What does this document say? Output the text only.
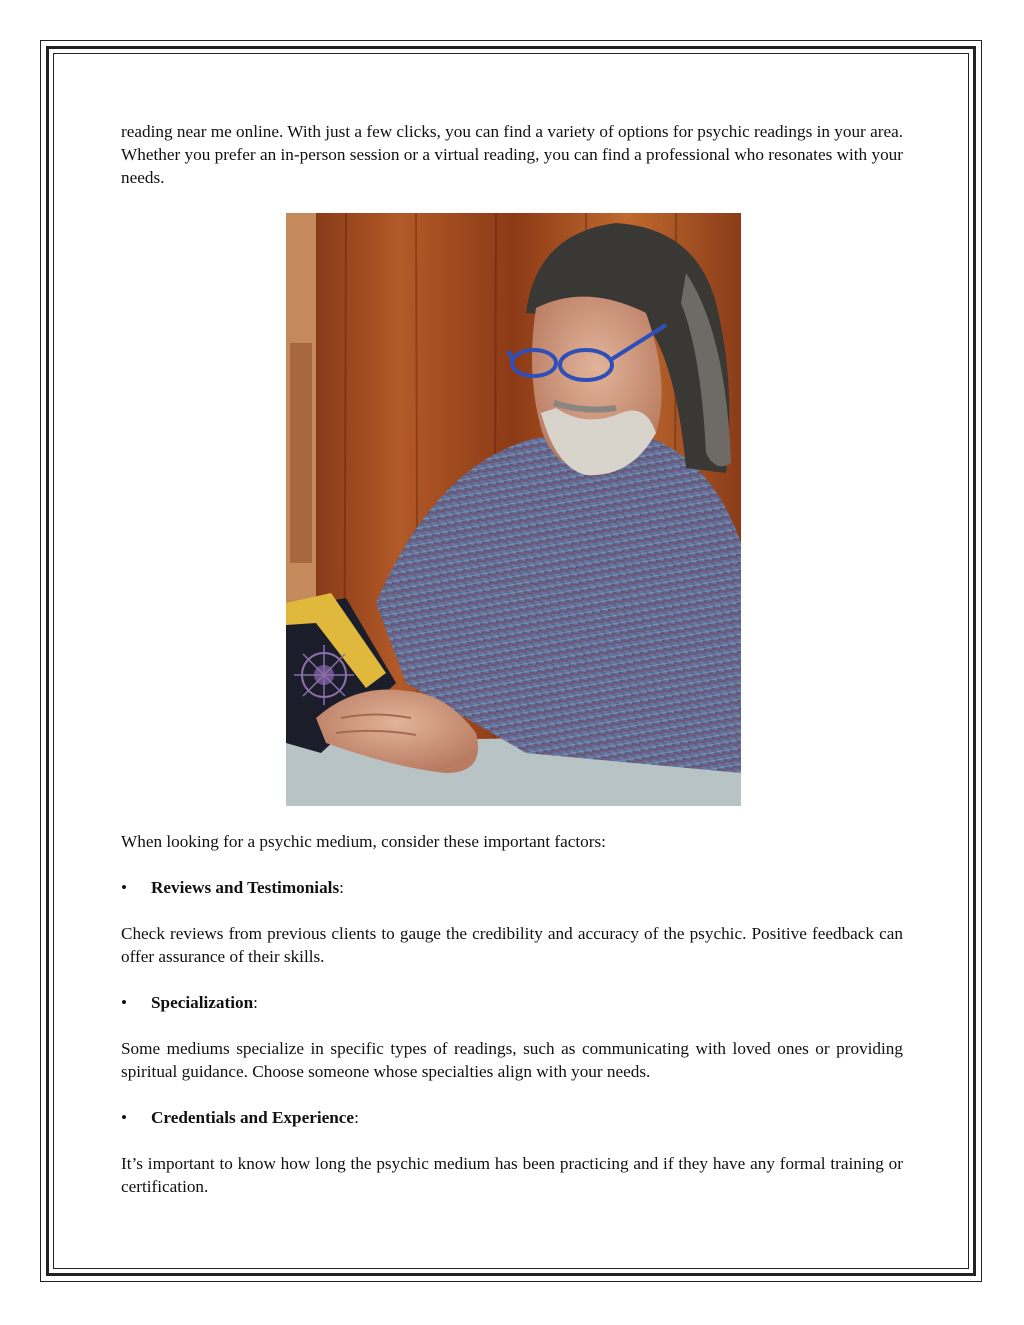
reading near me online. With just a few clicks, you can find a variety of options for psychic readings in your area. Whether you prefer an in-person session or a virtual reading, you can find a professional who resonates with your needs.

When looking for a psychic medium, consider these important factors:

• Reviews and Testimonials:

Check reviews from previous clients to gauge the credibility and accuracy of the psychic. Positive feedback can offer assurance of their skills.

• Specialization:

Some mediums specialize in specific types of readings, such as communicating with loved ones or providing spiritual guidance. Choose someone whose specialties align with your needs.

• Credentials and Experience:

It’s important to know how long the psychic medium has been practicing and if they have any formal training or certification.
